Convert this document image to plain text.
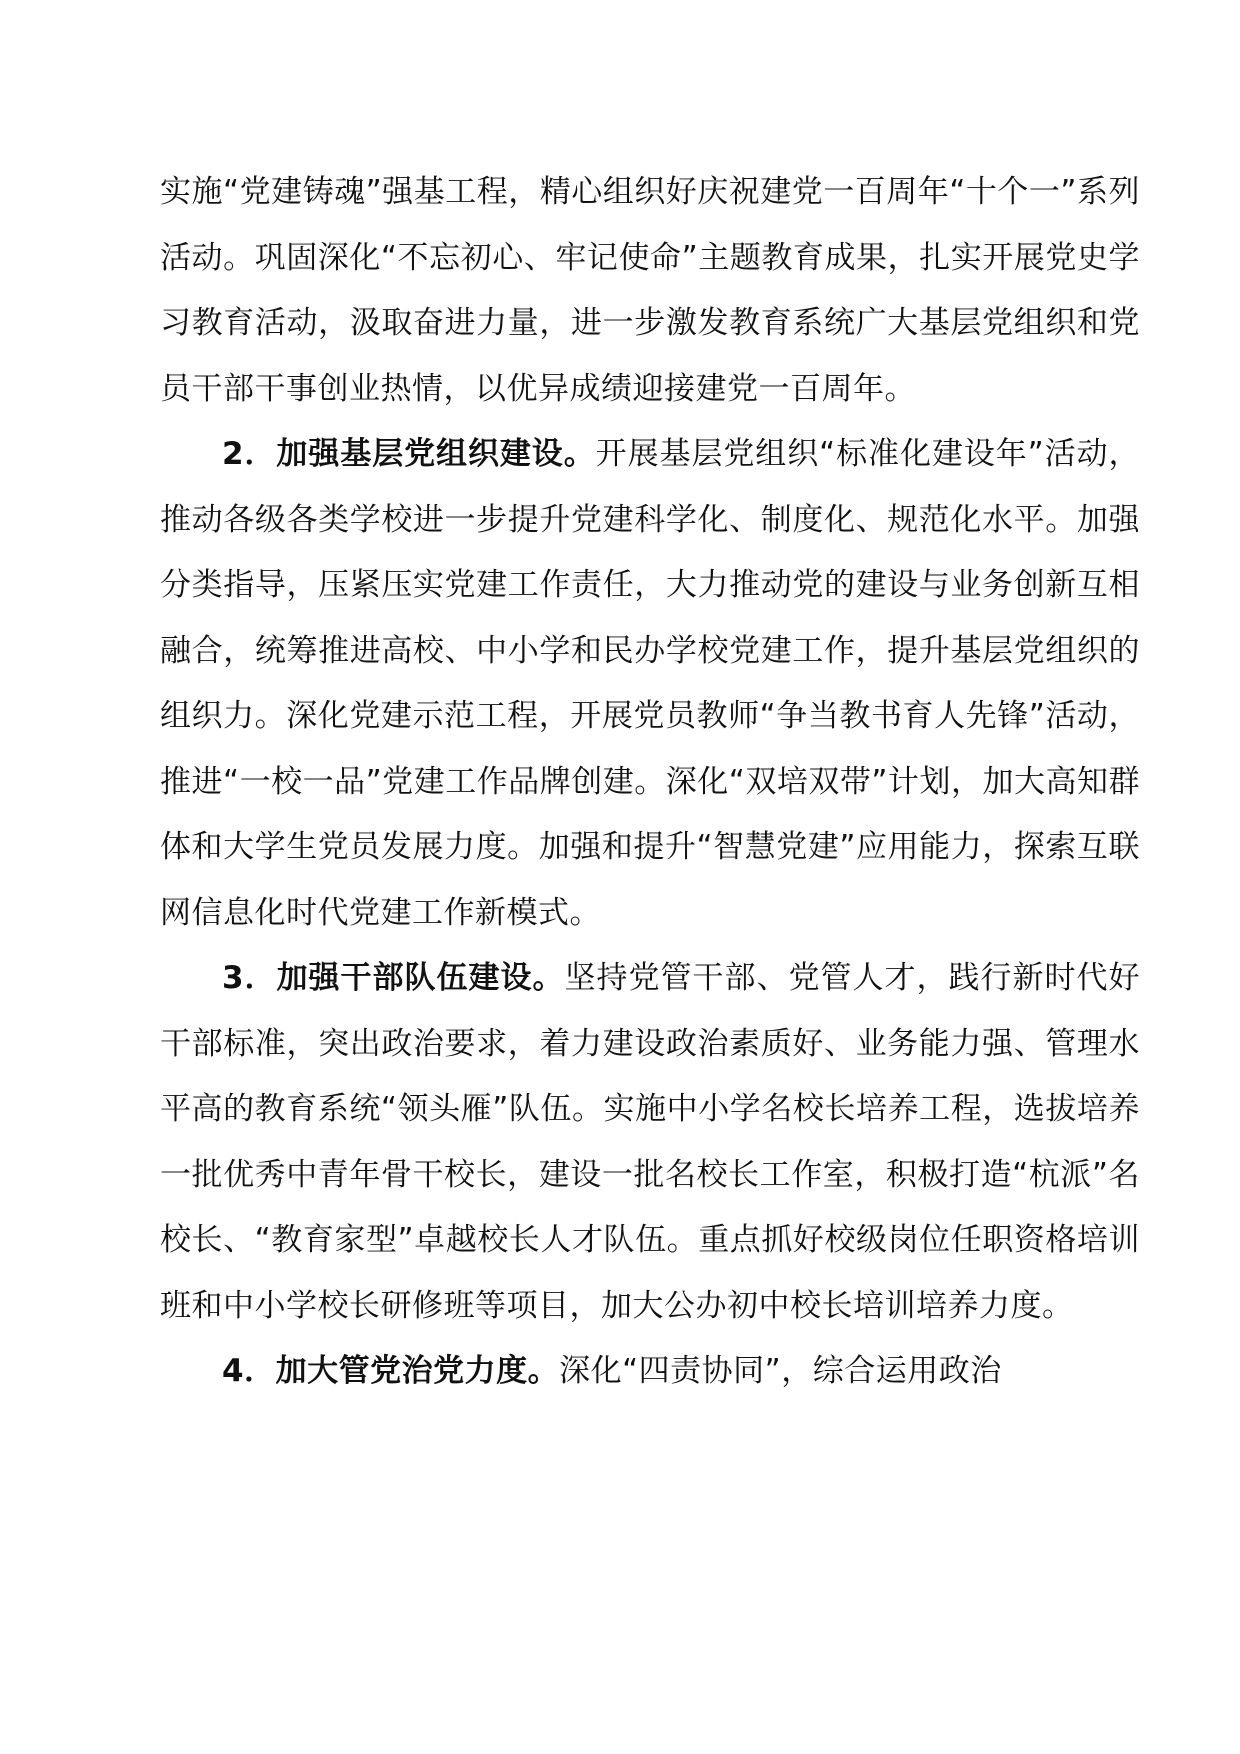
实施“党建铸魂”强基工程，精心组织好庆祝建党一百周年“十个一”系列活动。巩固深化“不忘初心、牢记使命”主题教育成果，扎实开展党史学习教育活动，汲取奋进力量，进一步激发教育系统广大基层党组织和党员干部干事创业热情，以优异成绩迎接建党一百周年。

2．加强基层党组织建设。开展基层党组织“标准化建设年”活动，推动各级各类学校进一步提升党建科学化、制度化、规范化水平。加强分类指导，压紧压实党建工作责任，大力推动党的建设与业务创新互相融合，统筹推进高校、中小学和民办学校党建工作，提升基层党组织的组织力。深化党建示范工程，开展党员教师“争当教书育人先锋”活动，推进“一校一品”党建工作品牌创建。深化“双培双带”计划，加大高知群体和大学生党员发展力度。加强和提升“智慧党建”应用能力，探索互联网信息化时代党建工作新模式。

3．加强干部队伍建设。坚持党管干部、党管人才，践行新时代好干部标准，突出政治要求，着力建设政治素质好、业务能力强、管理水平高的教育系统“领头雁”队伍。实施中小学名校长培养工程，选拔培养一批优秀中青年骨干校长，建设一批名校长工作室，积极打造“杭派”名校长、“教育家型”卓越校长人才队伍。重点抓好校级岗位任职资格培训班和中小学校长研修班等项目，加大公办初中校长培训培养力度。

4．加大管党治党力度。深化“四责协同”，综合运用政治
